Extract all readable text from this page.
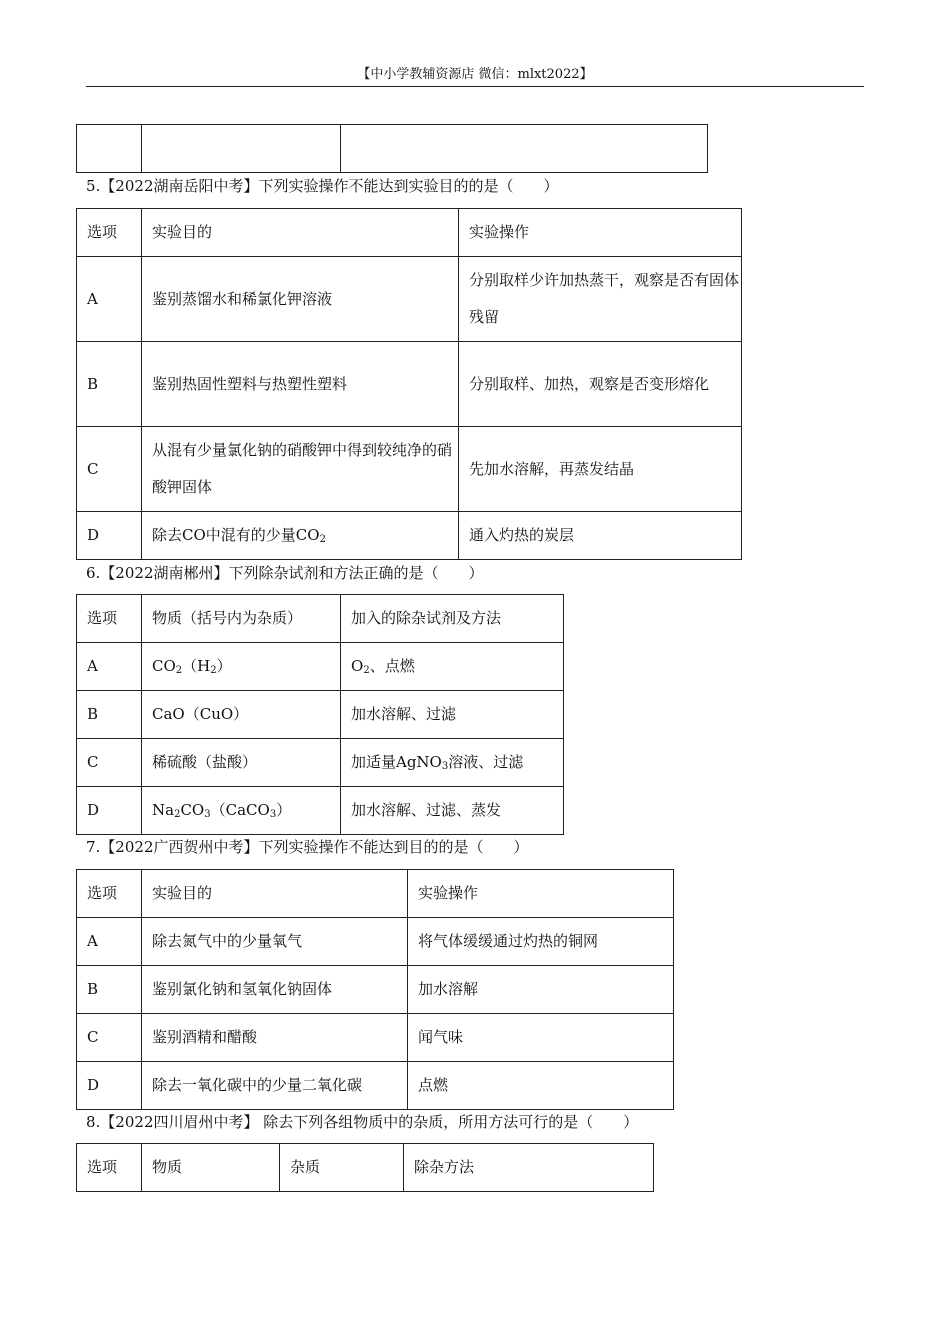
【中小学教辅资源店 微信：mlxt2022】

5.【2022湖南岳阳中考】下列实验操作不能达到实验目的的是（　　）
选项	实验目的	实验操作
A	鉴别蒸馏水和稀氯化钾溶液	分别取样少许加热蒸干，观察是否有固体残留
B	鉴别热固性塑料与热塑性塑料	分别取样、加热，观察是否变形熔化
C	从混有少量氯化钠的硝酸钾中得到较纯净的硝酸钾固体	先加水溶解，再蒸发结晶
D	除去CO中混有的少量$CO_2$	通入灼热的炭层
6.【2022湖南郴州】下列除杂试剂和方法正确的是（　　）
选项	物质（括号内为杂质）	加入的除杂试剂及方法
A	$CO_2(H_2)$	$O_2$、点燃
B	CaO（CuO）	加水溶解、过滤
C	稀硫酸（盐酸）	加适量AgNO$_3$溶液、过滤
D	$Na_2CO_3(CaCO_3)$	加水溶解、过滤、蒸发
7.【2022广西贺州中考】下列实验操作不能达到目的的是（　　）
选项	实验目的	实验操作
A	除去氮气中的少量氧气	将气体缓缓通过灼热的铜网
B	鉴别氯化钠和氢氧化钠固体	加水溶解
C	鉴别酒精和醋酸	闻气味
D	除去一氧化碳中的少量二氧化碳	点燃
8.【2022四川眉州中考】 除去下列各组物质中的杂质，所用方法可行的是（　　）
选项	物质	杂质	除杂方法
